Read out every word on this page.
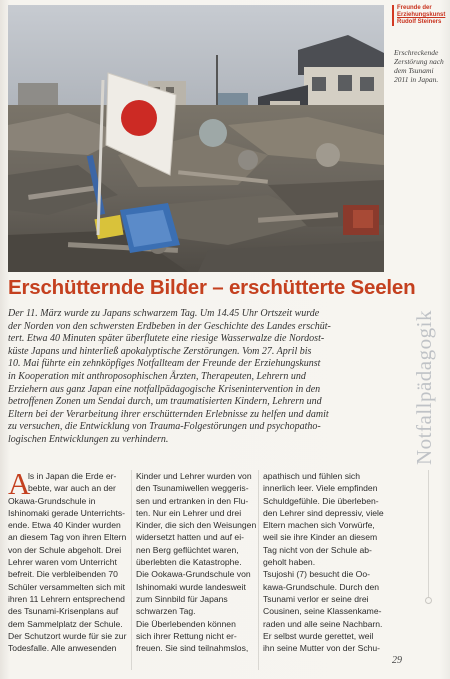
Freunde der
Erziehungskunst
Rudolf Steiners
Erschreckende
Zerstörung nach
dem Tsunami
2011 in Japan.
Erschütternde Bilder – erschütterte Seelen
Der 11. März wurde zu Japans schwarzem Tag. Um 14.45 Uhr Ortszeit wurde
der Norden von den schwersten Erdbeben in der Geschichte des Landes erschüt-
tert. Etwa 40 Minuten später überflutete eine riesige Wasserwalze die Nordost-
küste Japans und hinterließ apokalyptische Zerstörungen. Vom 27. April bis
10. Mai führte ein zehnköpfiges Notfallteam der Freunde der Erziehungskunst
in Kooperation mit anthroposophischen Ärzten, Therapeuten, Lehrern und
Erziehern aus ganz Japan eine notfallpädagogische Krisenintervention in den
betroffenen Zonen um Sendai durch, um traumatisierten Kindern, Lehrern und
Eltern bei der Verarbeitung ihrer erschütternden Erlebnisse zu helfen und damit
zu versuchen, die Entwicklung von Trauma-Folgestörungen und psychopatho-
logischen Entwicklungen zu verhindern.	Notfallpädagogik
A
ls in Japan die Erde er-
bebte, war auch an der
Okawa-Grundschule in
Ishinomaki gerade Unterrichts-
ende. Etwa 40 Kinder wurden
an diesem Tag von ihren Eltern
von der Schule abgeholt. Drei
Lehrer waren vom Unterricht
befreit. Die verbleibenden 70
Schüler versammelten sich mit
ihren 11 Lehrern entsprechend
des Tsunami-Krisenplans auf
dem Sammelplatz der Schule.
Der Schutzort wurde für sie zur
Todesfalle. Alle anwesenden
Kinder und Lehrer wurden von
den Tsunamiwellen weggeris-
sen und ertranken in den Flu-
ten. Nur ein Lehrer und drei
Kinder, die sich den Weisungen
widersetzt hatten und auf ei-
nen Berg geflüchtet waren,
überlebten die Katastrophe.
Die Ookawa-Grundschule von
Ishinomaki wurde landesweit
zum Sinnbild für Japans
schwarzen Tag.
Die Überlebenden können
sich ihrer Rettung nicht er-
freuen. Sie sind teilnahmslos,
apathisch und fühlen sich
innerlich leer. Viele empfinden
Schuldgefühle. Die überleben-
den Lehrer sind depressiv, viele
Eltern machen sich Vorwürfe,
weil sie ihre Kinder an diesem
Tag nicht von der Schule ab-
geholt haben.
Tsujoshi (7) besucht die Oo-
kawa-Grundschule. Durch den
Tsunami verlor er seine drei
Cousinen, seine Klassenkame-
raden und alle seine Nachbarn.
Er selbst wurde gerettet, weil
ihn seine Mutter von der Schu-
29
